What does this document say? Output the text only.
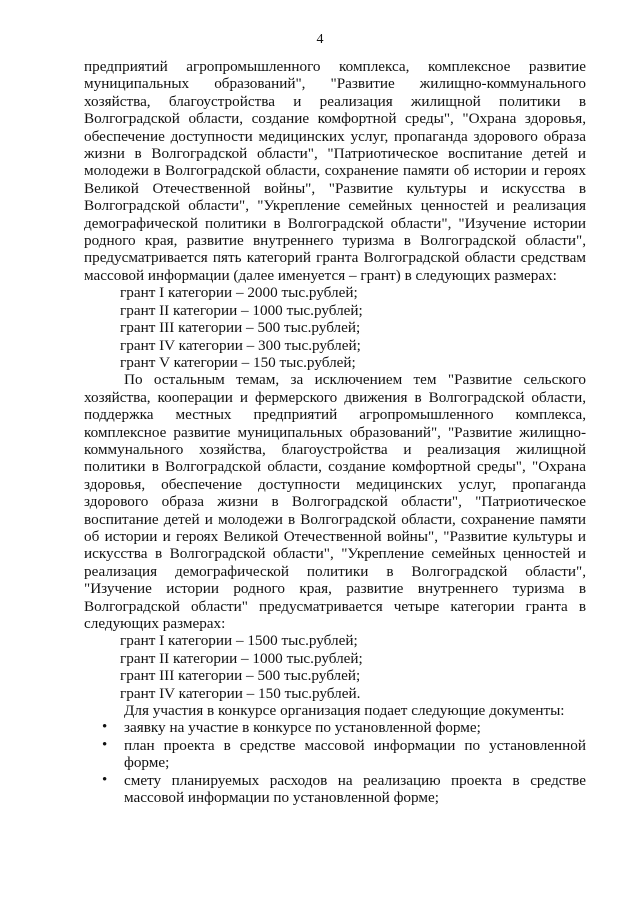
4

предприятий агропромышленного комплекса, комплексное развитие муниципальных образований", "Развитие жилищно-коммунального хозяйства, благоустройства и реализация жилищной политики в Волгоградской области, создание комфортной среды", "Охрана здоровья, обеспечение доступности медицинских услуг, пропаганда здорового образа жизни в Волгоградской области", "Патриотическое воспитание детей и молодежи в Волгоградской области, сохранение памяти об истории и героях Великой Отечественной войны", "Развитие культуры и искусства в Волгоградской области", "Укрепление семейных ценностей и реализация демографической политики в Волгоградской области", "Изучение истории родного края, развитие внутреннего туризма в Волгоградской области", предусматривается пять категорий гранта Волгоградской области средствам массовой информации (далее именуется – грант) в следующих размерах:

грант I категории – 2000 тыс.рублей;
грант II категории – 1000 тыс.рублей;
грант III категории – 500 тыс.рублей;
грант IV категории – 300 тыс.рублей;
грант V категории – 150 тыс.рублей;

По остальным темам, за исключением тем "Развитие сельского хозяйства, кооперации и фермерского движения в Волгоградской области, поддержка местных предприятий агропромышленного комплекса, комплексное развитие муниципальных образований", "Развитие жилищно-коммунального хозяйства, благоустройства и реализация жилищной политики в Волгоградской области, создание комфортной среды", "Охрана здоровья, обеспечение доступности медицинских услуг, пропаганда здорового образа жизни в Волгоградской области", "Патриотическое воспитание детей и молодежи в Волгоградской области, сохранение памяти об истории и героях Великой Отечественной войны", "Развитие культуры и искусства в Волгоградской области", "Укрепление семейных ценностей и реализация демографической политики в Волгоградской области", "Изучение истории родного края, развитие внутреннего туризма в Волгоградской области" предусматривается четыре категории гранта в следующих размерах:

грант I категории – 1500 тыс.рублей;
грант II категории – 1000 тыс.рублей;
грант III категории – 500 тыс.рублей;
грант IV категории – 150 тыс.рублей.

Для участия в конкурсе организация подает следующие документы:

• заявку на участие в конкурсе по установленной форме;
• план проекта в средстве массовой информации по установленной форме;
• смету планируемых расходов на реализацию проекта в средстве массовой информации по установленной форме;
